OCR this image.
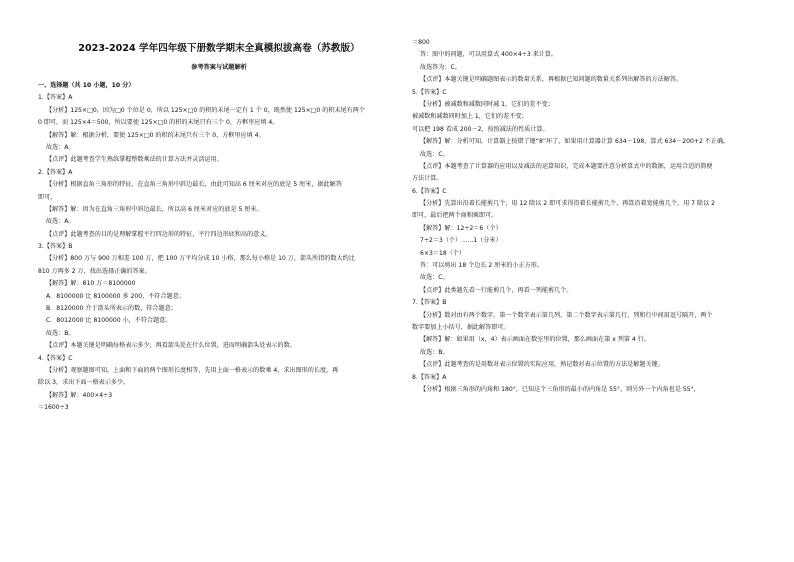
2023-2024 学年四年级下册数学期末全真模拟拔高卷（苏教版）
参考答案与试题解析
一、选择题（共 10 小题，10 分）
1.【答案】A
【分析】125×□0，因为□0 个位是 0，所以 125×□0 的积的末尾一定有 1 个 0，既然使 125×□0 的积末尾有两个
0 即可，而 125×4＝500，所以要使 125×□0 的积的末尾只有三个 0，方框里应填 4。
【解答】解：根据分析，要使 125×□0 的积的末尾只有三个 0，方框里应填 4。
故选：A。
【点评】此题考查学生熟练掌握整数乘法的计算方法并灵活运用。
2.【答案】A
【分析】根据直角三角形的特征，在直角三角形中斜边最长，由此可知高 6 厘米对应的底是 5 厘米，据此解答
即可。
【解答】解：因为在直角三角形中斜边最长，所以高 6 厘米对应的底是 5 厘米。
故选：A。
【点评】此题考查的目的是理解掌握平行四边形的特征，平行四边形底和高的意义。
3.【答案】B
【分析】800 万与 900 万相差 100 万，把 100 万平均分成 10 小格，那么每小格是 10 万，箭头所指的数大约比
810 万再多 2 万，找出选择正确的答案。
【解答】解：810 万＝8100000
A．8100000 比 8100000 多 200，不符合题意；
B．8120000 介于箭头所表示的数，符合题意；
C．8012000 比 8100000 小，不符合题意。
故选：B。
【点评】本题关键是明确每格表示多少，再看箭头处在什么位置，进而明确箭头处表示的数。
4.【答案】C
【分析】观察题图可知，上面和下面的两个图形长度相等，先用上面一格表示的数乘 4，求出图形的长度，再
除以 3，求出下面一格表示多少。
【解答】解：400×4÷3
＝1600÷3
＝800
答：图中的问题，可以用算式 400×4÷3 来计算。
故选答为：C。
【点评】本题关键是明确题图表示的数量关系，再根据已知问题的数量关系列出解答的方法解答。
5.【答案】C
【分析】被减数和减数同时减 1，它们的差不变；
被减数和减数同时加上 1，它们的差不变；
可以把 198 看成 200－2，按照减法的性质计算。
【解答】解：分析可知，计算器上按错了键“8”坏了，如果用计算器计算 634－198，算式 634－200+2 不正确。
故选：C。
【点评】本题考查了计算器的应用以及减法的运算知识，完成本题要注意分析算式中的数据，运用合适的简便
方法计算。
6.【答案】C
【分析】先算出沿着长能剪几个，用 12 除以 2 即可求得沿着长能剪几个，再算沿着宽能剪几个，用 7 除以 2
即可，最后把两个商相乘即可。
【解答】解：12÷2＝6（个）
7÷2＝3（个）……1（分米）
6×3＝18（个）
答：可以剪出 18 个边长 2 厘米的小正方形。
故选：C。
【点评】此类题先看一行能剪几个，再看一列能剪几个。
7.【答案】B
【分析】数对由有两个数字，第一个数字表示第几列，第二个数字表示第几行，列和行中间用逗号隔开，两个
数字要加上小括号，据此解答即可。
【解答】解：如果用（x，4）表示画面在数室里的位置，那么画面在第 x 列第 4 行。
故选：B。
【点评】此题考查的是用数对表示位置的实际应用，熟记数对表示位置的方法是解题关键。
8.【答案】A
【分析】根据三角形的内角和 180°，已知这个三角形的最小的内角是 55°，则另外一个内角也是 55°，
